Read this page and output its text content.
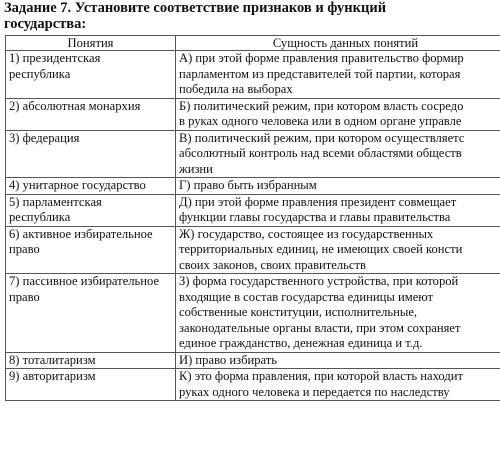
Задание 7. Установите соответствие признаков и функций
государства:
Понятия	Сущность данных понятий

1) президентская
республика	А) при этой форме правления правительство формир
парламентом из представителей той партии, которая
победила на выборах

2) абсолютная монархия	Б) политический режим, при котором власть сосредо
в руках одного человека или в одном органе управле

3) федерация	В) политический режим, при котором осуществляетс
абсолютный контроль над всеми областями обществ
жизни

4) унитарное государство	Г) право быть избранным

5) парламентская
республика	Д) при этой форме правления президент совмещает
функции главы государства и главы правительства

6) активное избирательное
право	Ж) государство, состоящее из государственных
территориальных единиц, не имеющих своей консти
своих законов, своих правительств

7) пассивное избирательное
право	З) форма государственного устройства, при которой
входящие в состав государства единицы имеют
собственные конституции, исполнительные,
законодательные органы власти, при этом сохраняет
единое гражданство, денежная единица и т.д.

8) тоталитаризм	И) право избирать

9) авторитаризм	К) это форма правления, при которой власть находит
руках одного человека и передается по наследству
